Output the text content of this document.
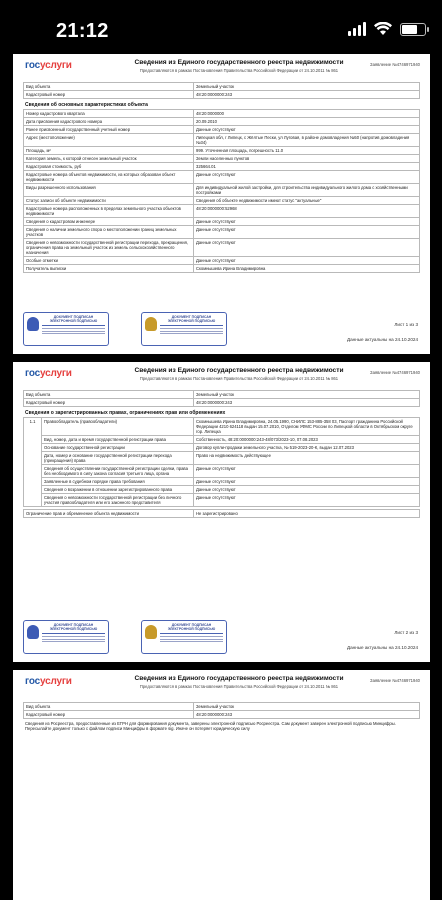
21:12
госуслуги	Сведения из Единого государственного реестра недвижимости
Предоставляются в рамках Постановления Правительства Российской Федерации от 24.10.2011 № 861
Заявление №4746971940
Вид объекта	Земельный участок
Кадастровый номер	48:20:0000000:243
Сведения об основных характеристиках объекта
Номер кадастрового квартала	48:20:0000000
Дата присвоения кадастрового номера	20.09.2010
Ранее присвоенный государственный учетный номер	Данные отсутствуют
Адрес (местоположение)	Липецкая обл, г Липецк, с Жёлтые Пески, ул Луговая, в районе домовладения №50 (напротив домовладения №34)
Площадь, м²	999. Уточненная площадь, погрешность 11.0
Категория земель, к которой отнесен земельный участок	Земли населенных пунктов
Кадастровая стоимость, руб	325664.01
Кадастровые номера объектов недвижимости, из которых образован объект недвижимости	Данные отсутствуют
Виды разрешенного использования	Для индивидуальной жилой застройки, для строительства индивидуального жилого дома с хозяйственными постройками
Статус записи об объекте недвижимости	Сведения об объекте недвижимости имеют статус "актуальные"
Кадастровые номера расположенных в пределах земельного участка объектов недвижимости	48:20:0000000:52968
Сведения о кадастровом инженере	Данные отсутствуют
Сведения о наличии земельного спора о местоположении границ земельных участков	Данные отсутствуют
Сведения о невозможности государственной регистрации перехода, прекращения, ограничения права на земельный участок из земель сельскохозяйственного назначения	Данные отсутствуют
Особые отметки	Данные отсутствуют
Получатель выписки	Скомнышева Ирина Владимировна
ДОКУМЕНТ ПОДПИСАН ЭЛЕКТРОННОЙ ПОДПИСЬЮ
ДОКУМЕНТ ПОДПИСАН ЭЛЕКТРОННОЙ ПОДПИСЬЮ
Лист 1 из 3
Данные актуальны на 24.10.2024
госуслуги	Сведения из Единого государственного реестра недвижимости
Предоставляются в рамках Постановления Правительства Российской Федерации от 24.10.2011 № 861
Заявление №4746971940
Вид объекта	Земельный участок
Кадастровый номер	48:20:0000000:243
Сведения о зарегистрированных правах, ограничениях прав или обременениях
1.1	Правообладатель (правообладатели)	Скомнышева Ирина Владимировна, 24.05.1990, СНИЛС 153-885-358 03, Паспорт гражданина Российской Федерации 4210 624118 выдан 15.07.2010, Отделом УФМС России по Липецкой области в Октябрьском округе гор. Липецка
	Вид, номер, дата и время государственной регистрации права	Собственность, 48:20:0000000:243-48/073/2023-10, 07.08.2023
	Основание государственной регистрации	Договор купли-продажи земельного участка, № 519-2023-20-К, выдан 12.07.2023
	Дата, номер и основание государственной регистрации перехода (прекращения) права	Право на недвижимость действующее
	Сведения об осуществлении государственной регистрации сделки, права без необходимого в силу закона согласия третьего лица, органа	Данные отсутствуют
	Заявленные в судебном порядке права требования	Данные отсутствуют
	Сведения о возражении в отношении зарегистрированного права	Данные отсутствуют
	Сведения о невозможности государственной регистрации без личного участия правообладателя или его законного представителя	Данные отсутствуют
Ограничение прав и обременение объекта недвижимости	Не зарегистрировано
ДОКУМЕНТ ПОДПИСАН ЭЛЕКТРОННОЙ ПОДПИСЬЮ
ДОКУМЕНТ ПОДПИСАН ЭЛЕКТРОННОЙ ПОДПИСЬЮ
Лист 2 из 3
Данные актуальны на 24.10.2024
госуслуги	Сведения из Единого государственного реестра недвижимости
Предоставляются в рамках Постановления Правительства Российской Федерации от 24.10.2011 № 861
Заявление №4746971940
Вид объекта	Земельный участок
Кадастровый номер	48:20:0000000:243
Сведения из Росреестра, предоставленные из ЕГРН для формирования документа, заверены электронной подписью Росреестра. Сам документ заверен электронной подписью Минцифры. Пересылайте документ только с файлом подписи Минцифры в формате sig. Иначе он потеряет юридическую силу
